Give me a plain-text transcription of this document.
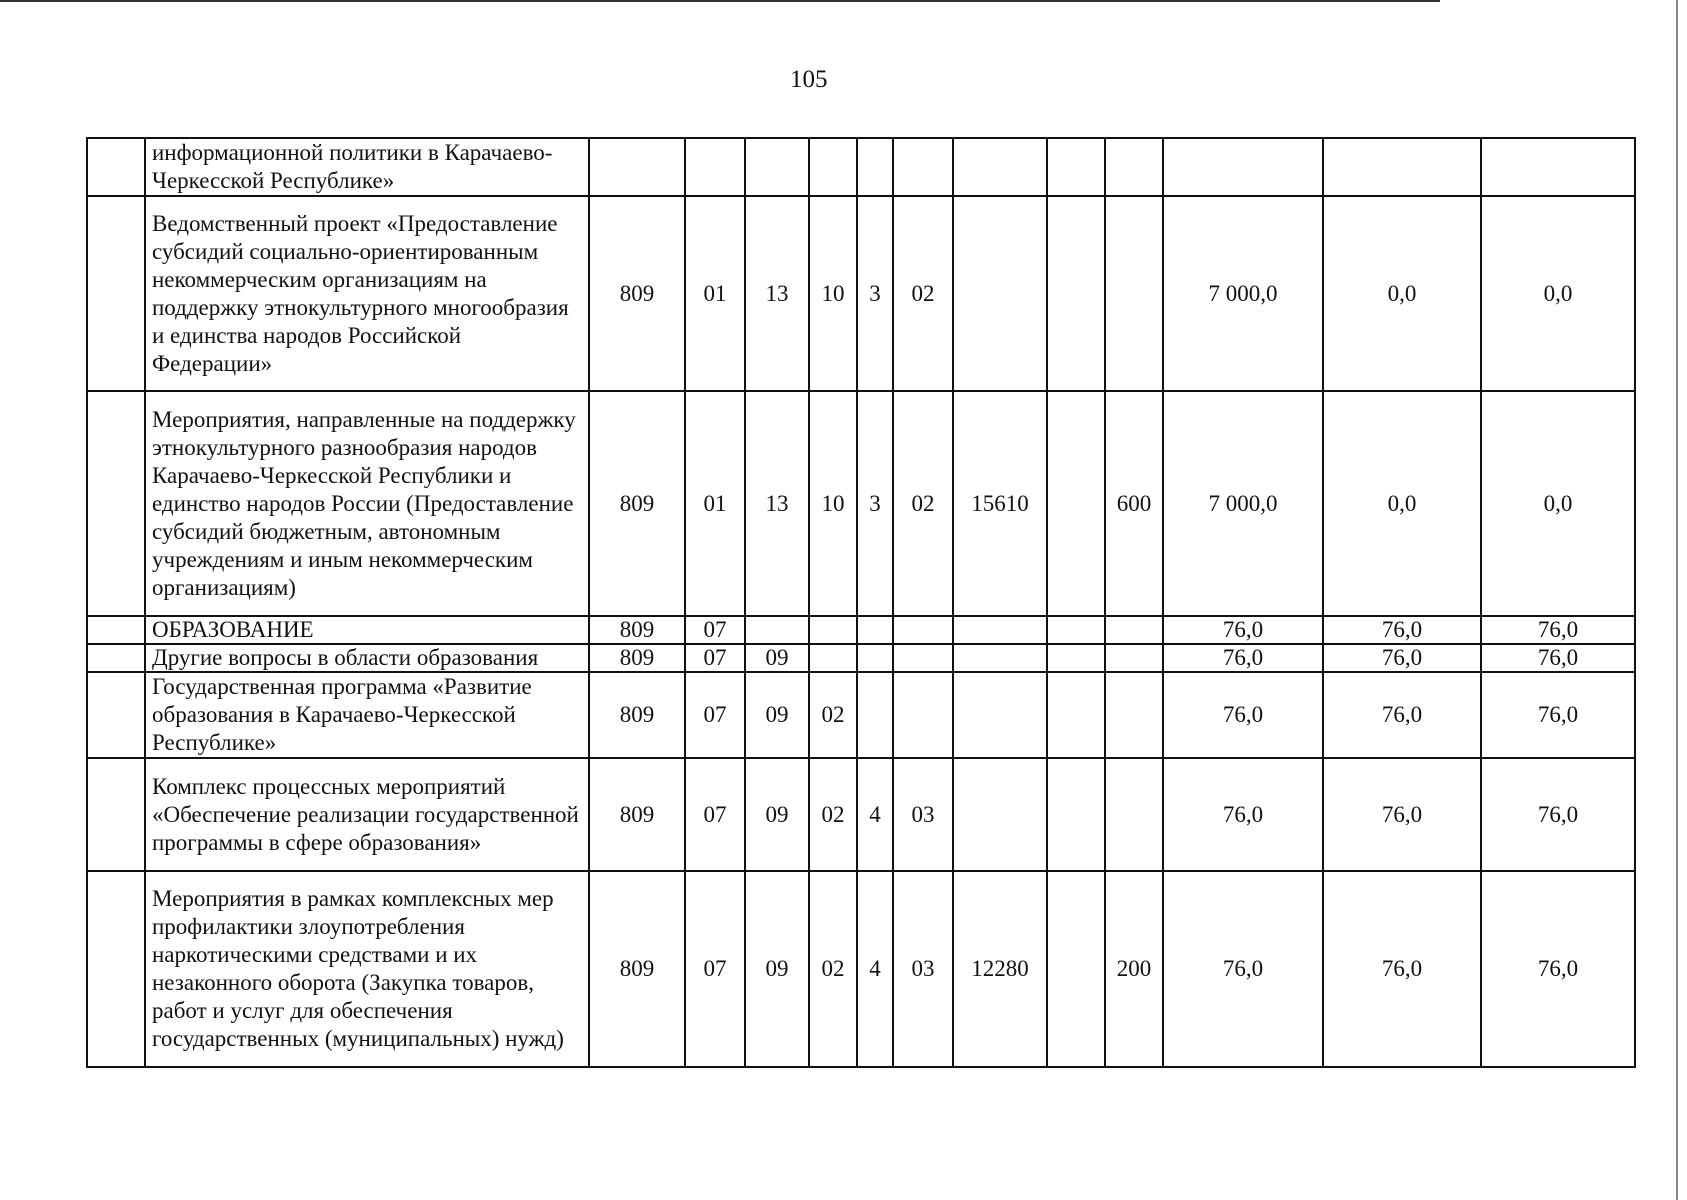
105
	информационной политики в Карачаево-Черкесской Республике»												
	Ведомственный проект «Предоставление субсидий социально-ориентированным некоммерческим организациям на поддержку этнокультурного многообразия и единства народов Российской Федерации»	809	01	13	10	3	02				7 000,0	0,0	0,0
	Мероприятия, направленные на поддержку этнокультурного разнообразия народов Карачаево-Черкесской Республики и единство народов России (Предоставление субсидий бюджетным, автономным учреждениям и иным некоммерческим организациям)	809	01	13	10	3	02	15610		600	7 000,0	0,0	0,0
	ОБРАЗОВАНИЕ	809	07								76,0	76,0	76,0
	Другие вопросы в области образования	809	07	09							76,0	76,0	76,0
	Государственная программа «Развитие образования в Карачаево-Черкесской Республике»	809	07	09	02						76,0	76,0	76,0
	Комплекс процессных мероприятий «Обеспечение реализации государственной программы в сфере образования»	809	07	09	02	4	03				76,0	76,0	76,0
	Мероприятия в рамках комплексных мер профилактики злоупотребления наркотическими средствами и их незаконного оборота (Закупка товаров, работ и услуг для обеспечения государственных (муниципальных) нужд)	809	07	09	02	4	03	12280		200	76,0	76,0	76,0
